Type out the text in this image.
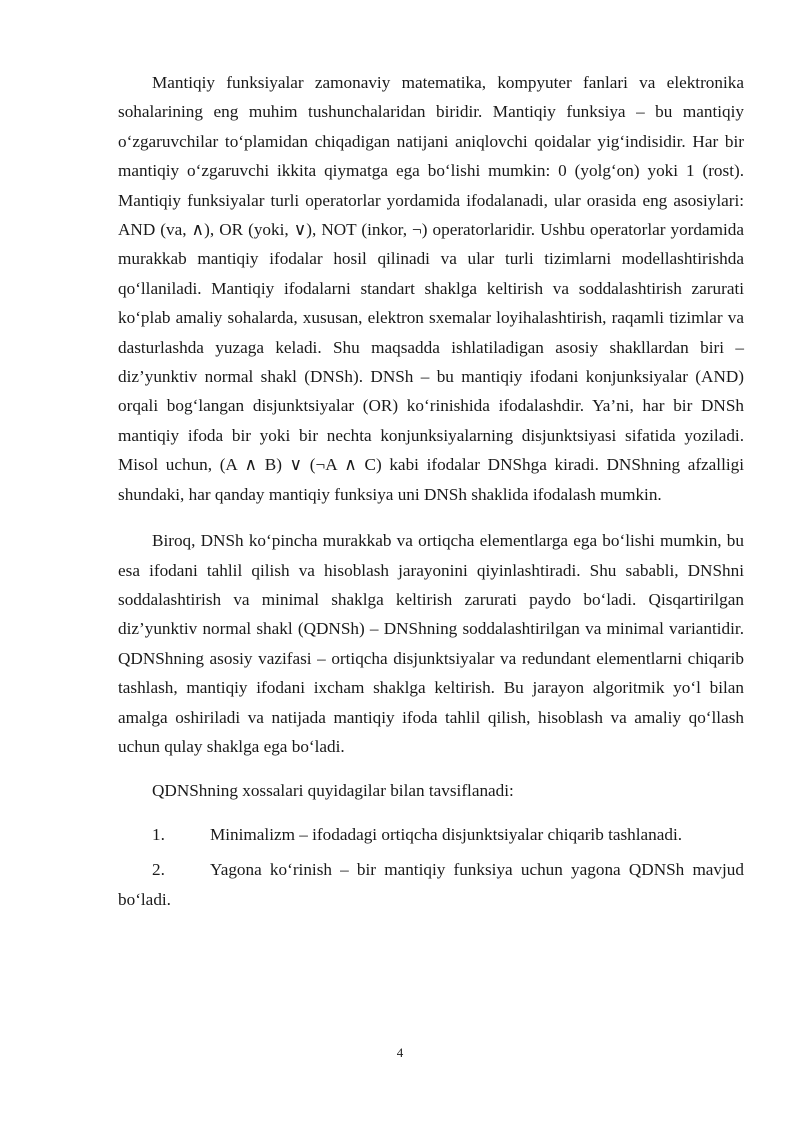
Mantiqiy funksiyalar zamonaviy matematika, kompyuter fanlari va elektronika sohalarining eng muhim tushunchalaridan biridir. Mantiqiy funksiya – bu mantiqiy oʻzgaruvchilar toʻplamidan chiqadigan natijani aniqlovchi qoidalar yigʻindisidir. Har bir mantiqiy oʻzgaruvchi ikkita qiymatga ega boʻlishi mumkin: 0 (yolgʻon) yoki 1 (rost). Mantiqiy funksiyalar turli operatorlar yordamida ifodalanadi, ular orasida eng asosiylari: AND (va, ∧), OR (yoki, ∨), NOT (inkor, ¬) operatorlaridir. Ushbu operatorlar yordamida murakkab mantiqiy ifodalar hosil qilinadi va ular turli tizimlarni modellashtirishda qoʻllaniladi. Mantiqiy ifodalarni standart shaklga keltirish va soddalashtirish zarurati koʻplab amaliy sohalarda, xususan, elektron sxemalar loyihalashtirish, raqamli tizimlar va dasturlashda yuzaga keladi. Shu maqsadda ishlatiladigan asosiy shakllardan biri – diz’yunktiv normal shakl (DNSh). DNSh – bu mantiqiy ifodani konjunksiyalar (AND) orqali bogʻlangan disjunktsiyalar (OR) koʻrinishida ifodalashdir. Ya’ni, har bir DNSh mantiqiy ifoda bir yoki bir nechta konjunksiyalarning disjunktsiyasi sifatida yoziladi. Misol uchun, (A ∧ B) ∨ (¬A ∧ C) kabi ifodalar DNShga kiradi. DNShning afzalligi shundaki, har qanday mantiqiy funksiya uni DNSh shaklida ifodalash mumkin.

Biroq, DNSh koʻpincha murakkab va ortiqcha elementlarga ega boʻlishi mumkin, bu esa ifodani tahlil qilish va hisoblash jarayonini qiyinlashtiradi. Shu sababli, DNShni soddalashtirish va minimal shaklga keltirish zarurati paydo boʻladi. Qisqartirilgan diz’yunktiv normal shakl (QDNSh) – DNShning soddalashtirilgan va minimal variantidir. QDNShning asosiy vazifasi – ortiqcha disjunktsiyalar va redundant elementlarni chiqarib tashlash, mantiqiy ifodani ixcham shaklga keltirish. Bu jarayon algoritmik yoʻl bilan amalga oshiriladi va natijada mantiqiy ifoda tahlil qilish, hisoblash va amaliy qoʻllash uchun qulay shaklga ega boʻladi.

QDNShning xossalari quyidagilar bilan tavsiflanadi:

1.	Minimalizm – ifodadagi ortiqcha disjunktsiyalar chiqarib tashlanadi.

2.	Yagona koʻrinish – bir mantiqiy funksiya uchun yagona QDNSh mavjud boʻladi.

4
